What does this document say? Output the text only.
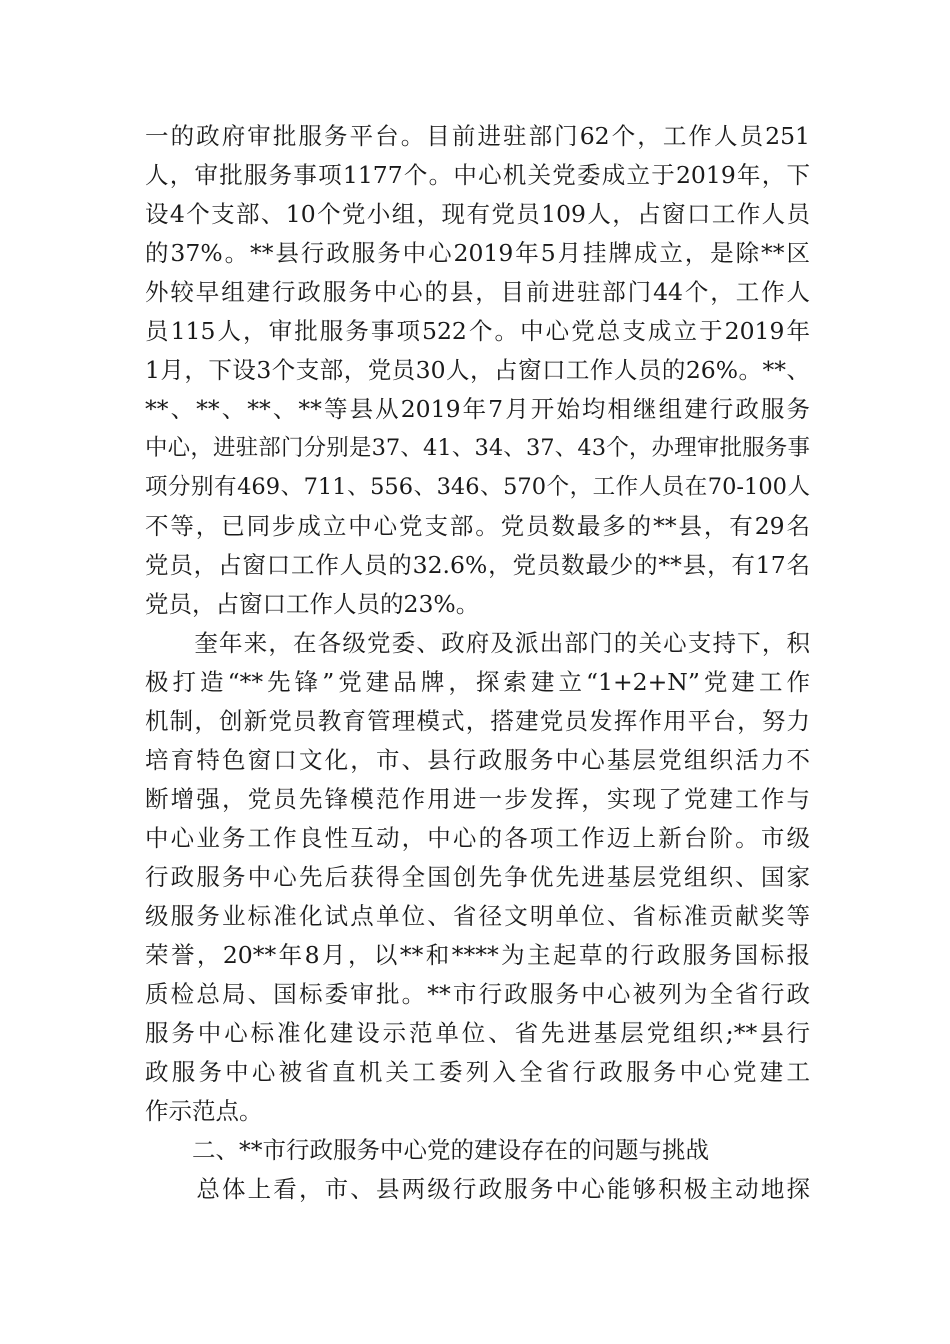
一的政府审批服务平台。目前进驻部门62个，工作人员251
人，审批服务事项1177个。中心机关党委成立于2019年，下
设4个支部、10个党小组，现有党员109人，占窗口工作人员
的37%。**县行政服务中心2019年5月挂牌成立，是除**区
外较早组建行政服务中心的县，目前进驻部门44个，工作人
员115人，审批服务事项522个。中心党总支成立于2019年
1月，下设3个支部，党员30人，占窗口工作人员的26%。**、
**、**、**、**等县从2019年7月开始均相继组建行政服务
中心，进驻部门分别是37、41、34、37、43个，办理审批服务事
项分别有469、711、556、346、570个，工作人员在70-100人
不等，已同步成立中心党支部。党员数最多的**县，有29名
党员，占窗口工作人员的32.6%，党员数最少的**县，有17名
党员，占窗口工作人员的23%。
　　奎年来，在各级党委、政府及派出部门的关心支持下，积
极打造“**先锋”党建品牌，探索建立“1+2+N”党建工作
机制，创新党员教育管理模式，搭建党员发挥作用平台，努力
培育特色窗口文化，市、县行政服务中心基层党组织活力不
断增强，党员先锋模范作用进一步发挥，实现了党建工作与
中心业务工作良性互动，中心的各项工作迈上新台阶。市级
行政服务中心先后获得全国创先争优先进基层党组织、国家
级服务业标准化试点单位、省径文明单位、省标准贡献奖等
荣誉，20**年8月，以**和****为主起草的行政服务国标报
质检总局、国标委审批。**市行政服务中心被列为全省行政
服务中心标准化建设示范单位、省先进基层党组织;**县行
政服务中心被省直机关工委列入全省行政服务中心党建工
作示范点。
　　二、**市行政服务中心党的建设存在的问题与挑战
　　总体上看，市、县两级行政服务中心能够积极主动地探
